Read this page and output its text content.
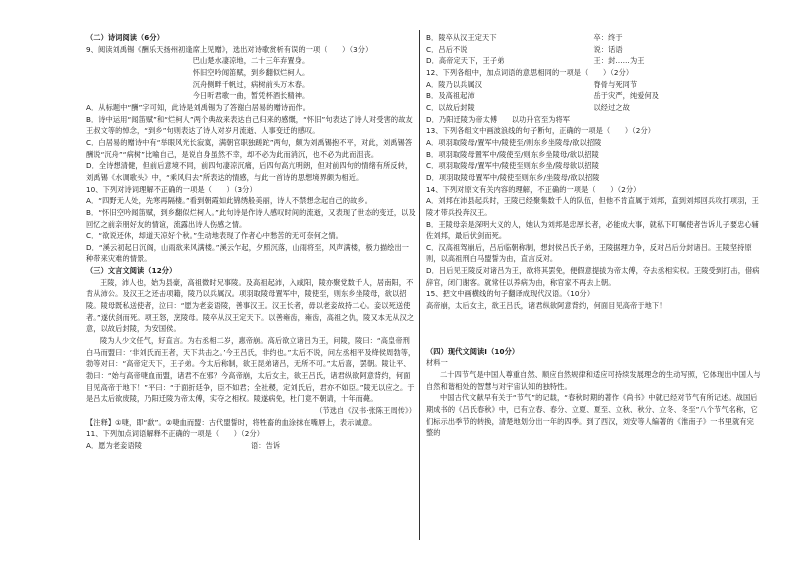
（二）诗词阅读（6分）
9、阅读刘禹锡《酬乐天扬州初逢席上见赠》，选出对诗歌赏析有误的一项（　　）（3分）
巴山楚水凄凉地，二十三年弃置身。
怀旧空吟闻笛赋，到乡翻似烂柯人。
沉舟侧畔千帆过，病树前头万木春。
今日听君歌一曲，暂凭杯酒长精神。
A．从标题中“酬”字可知，此诗是刘禹锡为了答谢白居易的赠诗而作。
B．诗中运用“闻笛赋”和“烂柯人”两个典故来表达自己归来的感慨，“怀旧”句表达了诗人对受害的故友王叔文等的悼念，“到乡”句则表达了诗人对岁月流逝、人事变迁的感叹。
C．白居易的赠诗中有“举眼风光长寂寞，满朝官职独蹉跎”两句，颇为刘禹锡抱不平，对此，刘禹锡答酬说“沉舟”“病树”比喻自己，是说自身虽然不幸，却不必为此而消沉，也不必为此而沮丧。
D．全诗想清健，但前后意境不同，前四句凄凉沉痛，后四句高亢明朗，但对前四句的情绪有所反转，刘禹锡《水调歌头》中，“乘风归去”所表达的情感，与此一首诗的思想境界颇为相近。
10、下列对诗词理解不正确的一项是（　　）（3分）
A．“四野无人处，先寒再隔棲。”看到朝霞如此锦绣般美丽，诗人不禁想念起自己的故乡。
B．“怀旧空吟闻笛赋，到乡翻似烂柯人。”此句诗是作诗人感叹时间的流逝，又表现了世态的变迁，以及回忆之前亲朋好友的情谊，流露出诗人伤感之情。
C．“欲说还休，却道天凉好个秋。”生动地表现了作者心中愁苦的无可奈何之情。
D．“溪云初起日沉阁，山雨欲来风满楼。”溪云乍起，夕照沉落，山雨将至，风声满楼，极力描绘出一种带来灾难的情景。
（三）文言文阅读（12分）
王陵，沛人也，始为县豪，高祖微时兄事陵。及高祖起沛，入咸阳，陵亦聚党数千人，居南阳，不肯从沛公。及汉王之还击项籍，陵乃以兵属汉。项羽取陵母置军中，陵使至，则东乡坐陵母，欲以招陵。陵母既私送使者，泣曰：“愿为老妾语陵，善事汉王。汉王长者，毋以老妾故持二心。妾以死送使者。”遂伏剑而死。项王怒，烹陵母。陵卒从汉王定天下。以善雍齿，雍齿，高祖之仇，陵又本无从汉之意，以故后封陵，为安国侯。
陵为人少文任气，好直言。为右丞相二岁，惠帝崩。高后欲立诸吕为王，问陵，陵曰：“高皇帝刑白马而盟曰：‘非刘氏而王者，天下共击之。’今王吕氏，非约也。”太后不说，问左丞相平及绛侯周勃等，勃等对曰：“高帝定天下，王子弟。今太后称制，欲王昆弟诸吕，无所不可。”太后喜，罢朝。陵让平、勃曰：“始与高帝啑血而盟，诸君不在邪？今高帝崩，太后女主，欲王吕氏，诸君纵欲阿意背约，何面目见高帝于地下！”平曰：“于面折廷争，臣不如君；全社稷，定刘氏后，君亦不如臣。”陵无以应之。于是吕太后欲废陵，乃阳迁陵为帝太傅，实夺之相权。陵遂病免，杜门竟不朝请，十年而薨。
（节选自《汉书·张陈王周传》）
【注释】①啑，即“歃”。②啑血而盟：古代盟誓时，将牲畜的血涂抹在嘴唇上，表示诚意。
11、下列加点词语解释不正确的一项是（　　）（2分）
A．愿为老妾语陵	语：告诉
B．陵卒从汉王定天下	卒：终于
C．吕后不说	说：话语
D．高帝定天下，王子弟	王：封……为王
12、下列各组中，加点词语的意思相同的一项是（　　）（2分）
A．陵乃以兵属汉	脊骨与死同节
B．及高祖起沛	岳于灾严，纯爱何及
C．以故后封陵	以经过之故
D．乃阳迁陵为帝太傅　　以功升官至为将军
13、下列各组文中画波浪线的句子断句，正确的一项是（　　）（2分）
A．项羽取陵母/置军中/陵使至/则东乡坐陵母/欲以招陵
B．项羽取陵母置军中/陵使至/则东乡坐陵母/欲以招陵
C．项羽取陵母/置军中/陵使至则东乡坐/陵母欲以招陵
D．项羽取陵母置军中/陵使至则东乡/坐陵母/欲以招陵
14、下列对原文有关内容的理解，不正确的一项是（　　）（2分）
A．刘邦在沛县起兵时，王陵已经聚集数千人的队伍，但他不肯直属于刘邦，直到刘邦回兵攻打项羽，王陵才带兵投奔汉王。
B．王陵母亲是深明大义的人，她认为刘邦是忠厚长者，必能成大事，就私下叮嘱使者告诉儿子要忠心辅佐刘邦，最后伏剑而死。
C．汉高祖驾崩后，吕后临朝称制，想封侯吕氏子弟，王陵据理力争，反对吕后分封诸吕。王陵坚持原则，以高祖刑白马盟誓为由，直言反对。
D．吕后见王陵反对诸吕为王，欲将其罢免，便假意提拔为帝太傅，夺去丞相实权。王陵受到打击，借病辞官，闭门谢客。就常任以养病为由，称官家不再去上朝。
15、把文中画横线的句子翻译成现代汉语。（10分）
高帝崩，太后女主，欲王吕氏，诸君纵欲阿意背约，何面目见高帝于地下！
（四）现代文阅读Ⅰ（10分）
材料一
二十四节气是中国人尊重自然、顺应自然规律和适应可持续发展理念的生动写照，它体现出中国人与自然和谐相处的智慧与对宇宙认知的独特性。
中国古代文献早有关于“节气”的记载，“春秋时期的著作《尚书》中就已经对节气有所记述。战国后期成书的《吕氏春秋》中，已有立春、春分、立夏、夏至、立秋、秋分、立冬、冬至”八个节气名称，它们标示出季节的转换，清楚地划分出一年的四季。到了西汉，刘安等人编著的《淮南子》一书里就有完整的
